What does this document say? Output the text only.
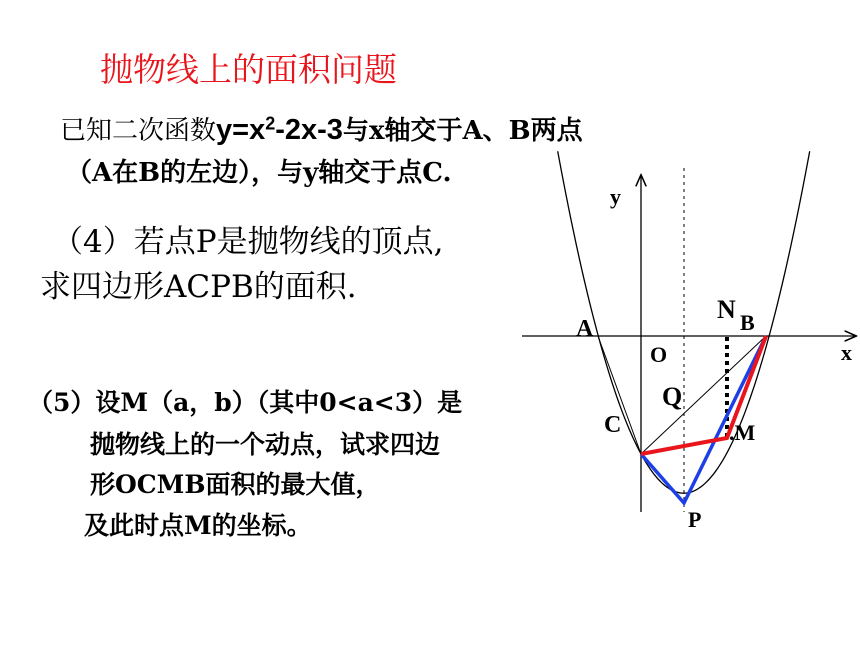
抛物线上的面积问题
已知二次函数$y=x^2-2x-3$与x轴交于A、B两点
（A在B的左边），与y轴交于点C.
（4）若点P是抛物线的顶点,
求四边形ACPB的面积.
（5）设M（a，b）（其中0<a<3）是
抛物线上的一个动点，试求四边
形OCMB面积的最大值，
及此时点M的坐标。
y
x
A
O
N B
Q
C	.M
P
